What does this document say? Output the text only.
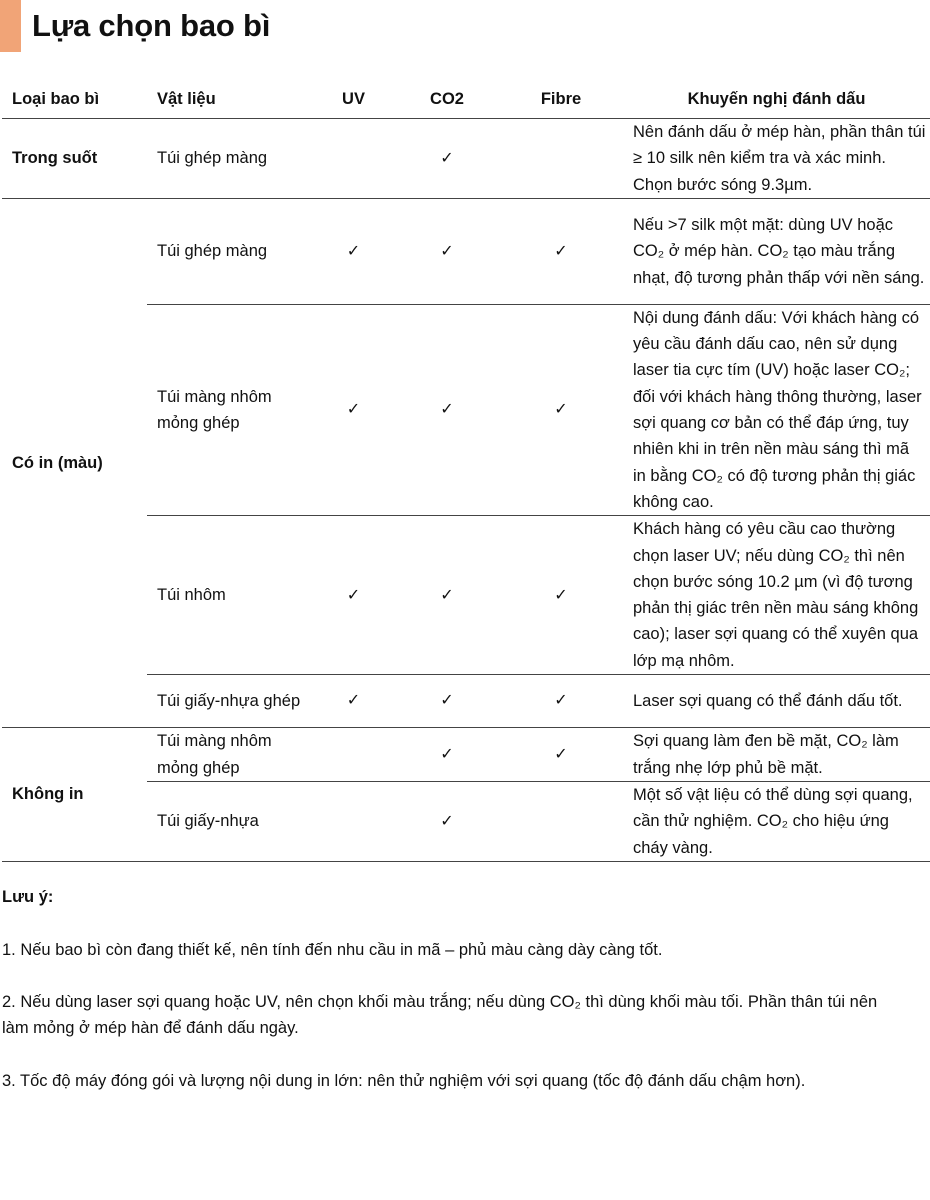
Lựa chọn bao bì
Loại bao bì	Vật liệu	UV	CO2	Fibre	Khuyến nghị đánh dấu
Trong suốt	Túi ghép màng		✓		Nên đánh dấu ở mép hàn, phần thân túi ≥ 10 silk nên kiểm tra và xác minh. Chọn bước sóng 9.3µm.
Có in (màu)	Túi ghép màng	✓	✓	✓	Nếu >7 silk một mặt: dùng UV hoặc CO₂ ở mép hàn. CO₂ tạo màu trắng nhạt, độ tương phản thấp với nền sáng.
	Túi màng nhôm mỏng ghép	✓	✓	✓	Nội dung đánh dấu: Với khách hàng có yêu cầu đánh dấu cao, nên sử dụng laser tia cực tím (UV) hoặc laser CO₂; đối với khách hàng thông thường, laser sợi quang cơ bản có thể đáp ứng, tuy nhiên khi in trên nền màu sáng thì mã in bằng CO₂ có độ tương phản thị giác không cao.
	Túi nhôm	✓	✓	✓	Khách hàng có yêu cầu cao thường chọn laser UV; nếu dùng CO₂ thì nên chọn bước sóng 10.2 µm (vì độ tương phản thị giác trên nền màu sáng không cao); laser sợi quang có thể xuyên qua lớp mạ nhôm.
	Túi giấy-nhựa ghép	✓	✓	✓	Laser sợi quang có thể đánh dấu tốt.
Không in	Túi màng nhôm mỏng ghép		✓	✓	Sợi quang làm đen bề mặt, CO₂ làm trắng nhẹ lớp phủ bề mặt.
	Túi giấy-nhựa		✓		Một số vật liệu có thể dùng sợi quang, cần thử nghiệm. CO₂ cho hiệu ứng cháy vàng.
Lưu ý:
1. Nếu bao bì còn đang thiết kế, nên tính đến nhu cầu in mã – phủ màu càng dày càng tốt.
2. Nếu dùng laser sợi quang hoặc UV, nên chọn khối màu trắng; nếu dùng CO₂ thì dùng khối màu tối. Phần thân túi nên làm mỏng ở mép hàn để đánh dấu ngày.
3. Tốc độ máy đóng gói và lượng nội dung in lớn: nên thử nghiệm với sợi quang (tốc độ đánh dấu chậm hơn).
